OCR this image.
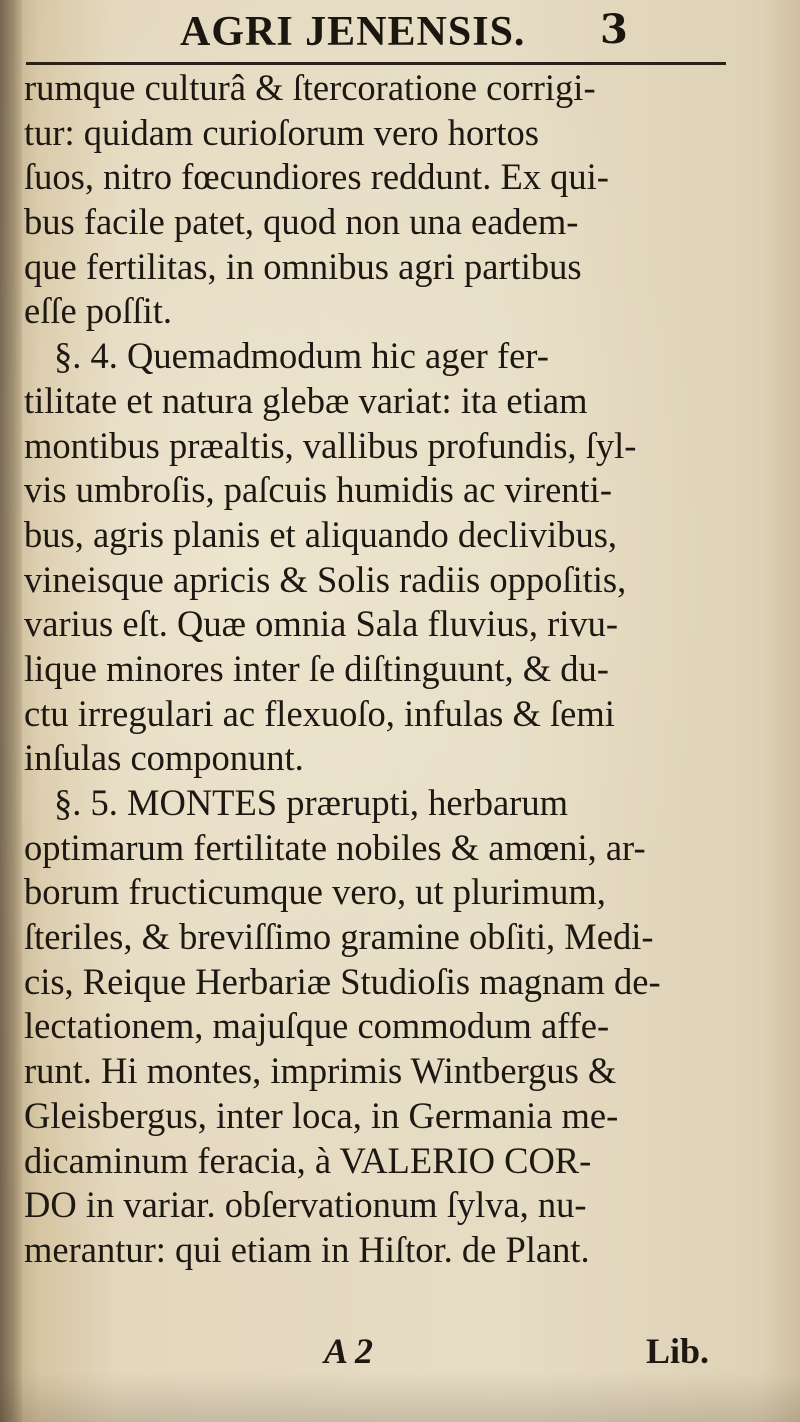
AGRI JENENSIS. 3
rumque culturâ & ſtercoratione corrigi-
tur: quidam curioſorum vero hortos
ſuos, nitro fœcundiores reddunt. Ex qui-
bus facile patet, quod non una eadem-
que fertilitas, in omnibus agri partibus
eſſe poſſit.
§. 4. Quemadmodum hic ager fer-
tilitate et natura glebæ variat: ita etiam
montibus præaltis, vallibus profundis, ſyl-
vis umbroſis, paſcuis humidis ac virenti-
bus, agris planis et aliquando declivibus,
vineisque apricis & Solis radiis oppoſitis,
varius eſt. Quæ omnia Sala fluvius, rivu-
lique minores inter ſe diſtinguunt, & du-
ctu irregulari ac flexuoſo, infulas & ſemi
inſulas componunt.
§. 5. MONTES prærupti, herbarum
optimarum fertilitate nobiles & amœni, ar-
borum fructicumque vero, ut plurimum,
ſteriles, & breviſſimo gramine obſiti, Medi-
cis, Reique Herbariæ Studioſis magnam de-
lectationem, majuſque commodum affe-
runt. Hi montes, imprimis Wintbergus &
Gleisbergus, inter loca, in Germania me-
dicaminum feracia, à VALERIO COR-
DO in variar. obſervationum ſylva, nu-
merantur: qui etiam in Hiſtor. de Plant.
A 2	Lib.
